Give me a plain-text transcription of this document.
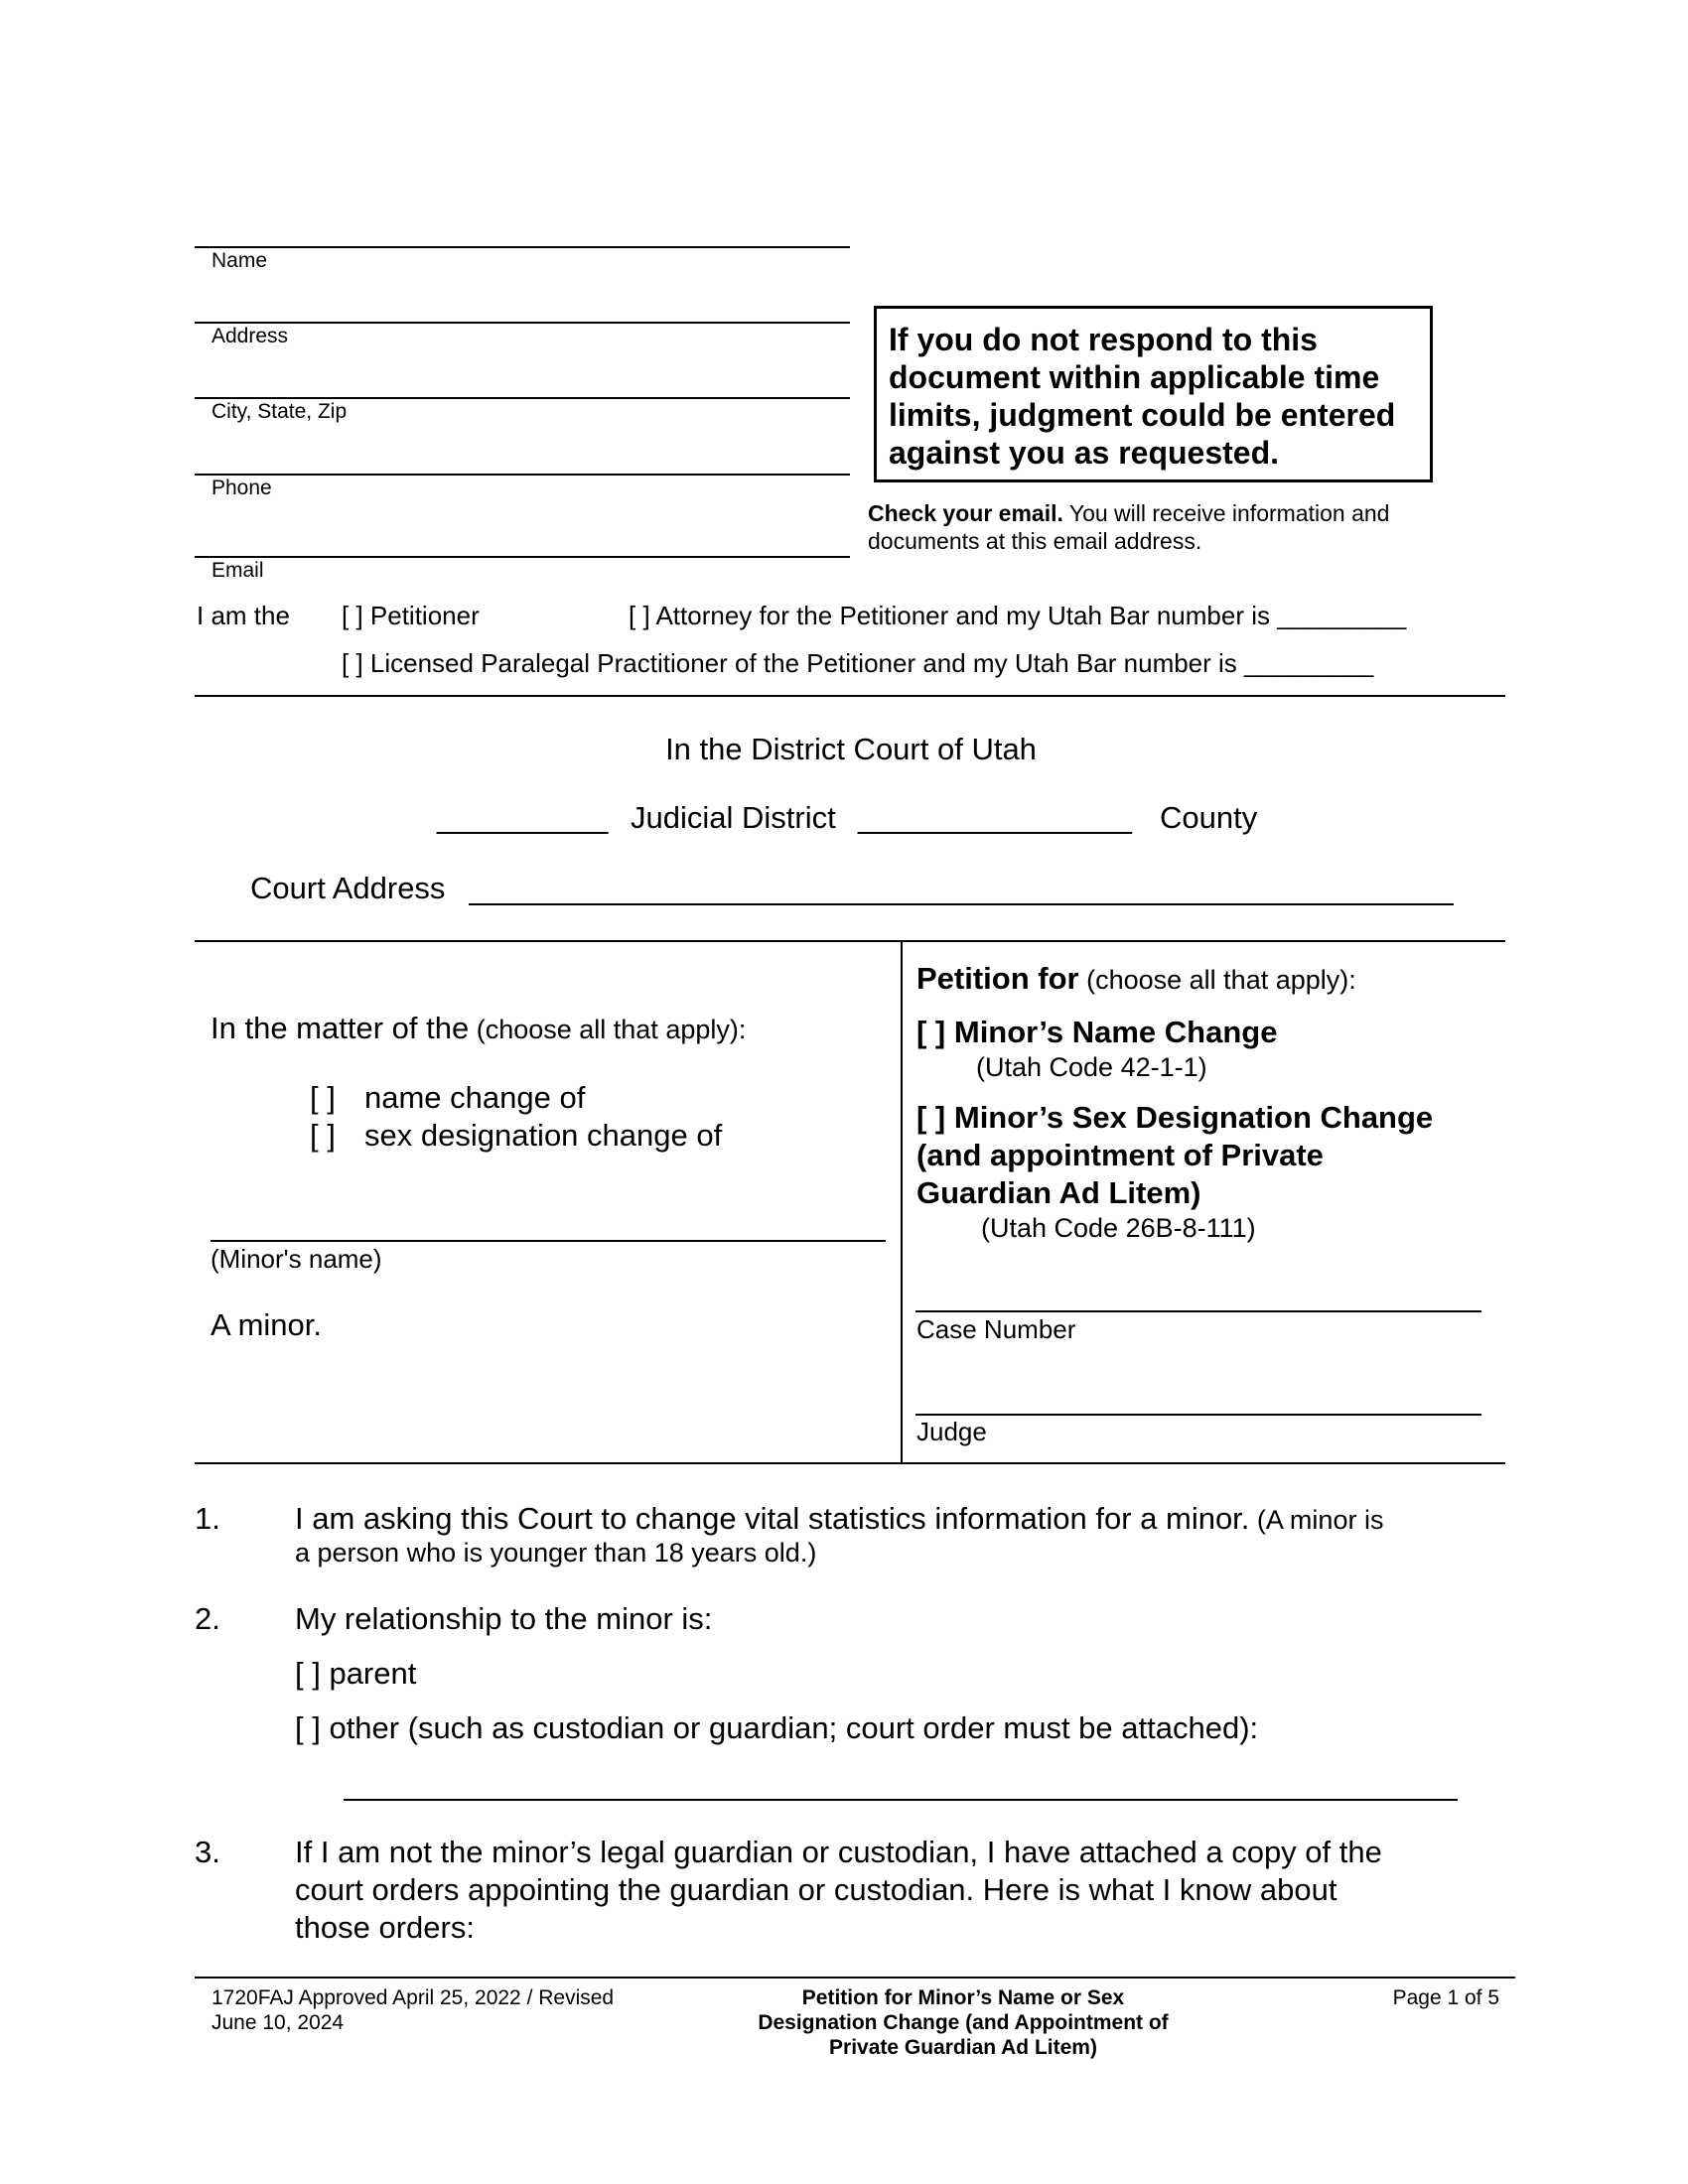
Name
Address
City, State, Zip
Phone
Email
If you do not respond to this document within applicable time limits, judgment could be entered against you as requested.
Check your email. You will receive information and documents at this email address.
I am the [ ] Petitioner	[ ] Attorney for the Petitioner and my Utah Bar number is _________
[ ] Licensed Paralegal Practitioner of the Petitioner and my Utah Bar number is _________
In the District Court of Utah
__________ Judicial District ________________ County
Court Address
In the matter of the (choose all that apply):
[ ] name change of
[ ] sex designation change of
(Minor's name)
A minor.
Petition for (choose all that apply):
[ ] Minor’s Name Change
(Utah Code 42-1-1)
[ ] Minor’s Sex Designation Change
(and appointment of Private
Guardian Ad Litem)
(Utah Code 26B-8-111)
Case Number
Judge
1. I am asking this Court to change vital statistics information for a minor. (A minor is
a person who is younger than 18 years old.)
2. My relationship to the minor is:
[ ] parent
[ ] other (such as custodian or guardian; court order must be attached):
3. If I am not the minor’s legal guardian or custodian, I have attached a copy of the
court orders appointing the guardian or custodian. Here is what I know about
those orders:
1720FAJ Approved April 25, 2022 / Revised
June 10, 2024
Petition for Minor’s Name or Sex
Designation Change (and Appointment of
Private Guardian Ad Litem)
Page 1 of 5
